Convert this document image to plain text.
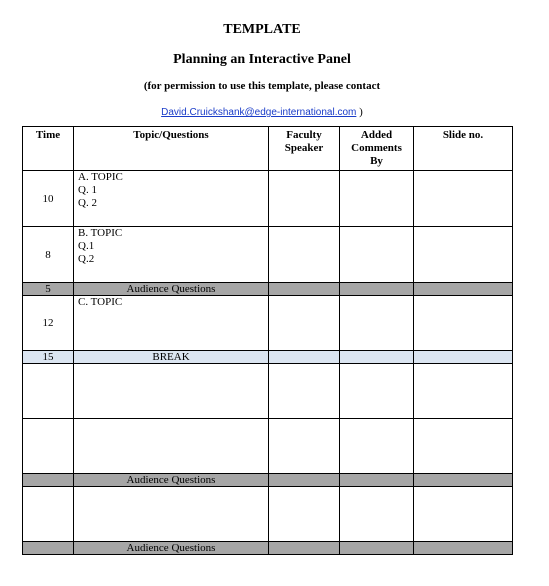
TEMPLATE
Planning an Interactive Panel
(for permission to use this template, please contact
David.Cruickshank@edge-international.com )
Time	Topic/Questions	Faculty Speaker	Added Comments By	Slide no.
10	A. TOPIC
Q. 1
Q. 2			

8	B. TOPIC
Q.1
Q.2			

5	Audience Questions			
12	C. TOPIC			

15	BREAK			

	Audience Questions			

	Audience Questions			
